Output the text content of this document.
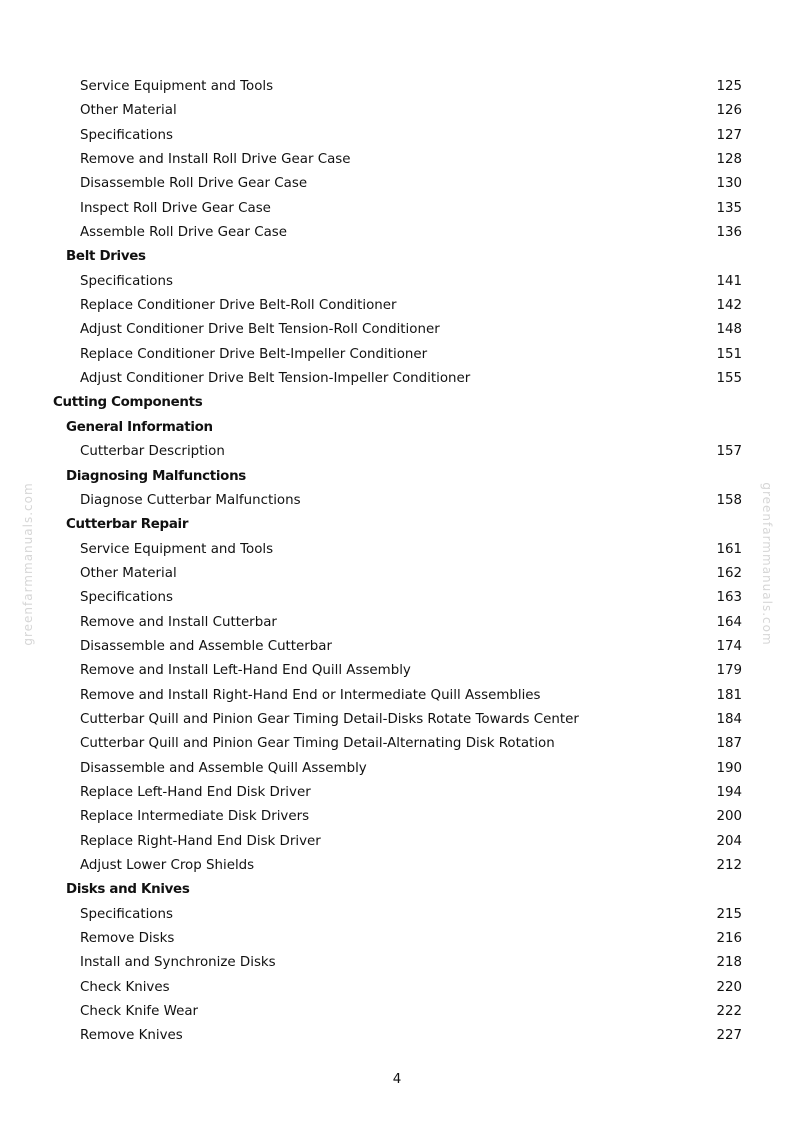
Service Equipment and Tools	125
Other Material	126
Specifications	127
Remove and Install Roll Drive Gear Case	128
Disassemble Roll Drive Gear Case	130
Inspect Roll Drive Gear Case	135
Assemble Roll Drive Gear Case	136
Belt Drives
Specifications	141
Replace Conditioner Drive Belt-Roll Conditioner	142
Adjust Conditioner Drive Belt Tension-Roll Conditioner	148
Replace Conditioner Drive Belt-Impeller Conditioner	151
Adjust Conditioner Drive Belt Tension-Impeller Conditioner	155
Cutting Components
General Information
Cutterbar Description	157
Diagnosing Malfunctions
Diagnose Cutterbar Malfunctions	158
Cutterbar Repair
Service Equipment and Tools	161
Other Material	162
Specifications	163
Remove and Install Cutterbar	164
Disassemble and Assemble Cutterbar	174
Remove and Install Left-Hand End Quill Assembly	179
Remove and Install Right-Hand End or Intermediate Quill Assemblies	181
Cutterbar Quill and Pinion Gear Timing Detail-Disks Rotate Towards Center	184
Cutterbar Quill and Pinion Gear Timing Detail-Alternating Disk Rotation	187
Disassemble and Assemble Quill Assembly	190
Replace Left-Hand End Disk Driver	194
Replace Intermediate Disk Drivers	200
Replace Right-Hand End Disk Driver	204
Adjust Lower Crop Shields	212
Disks and Knives
Specifications	215
Remove Disks	216
Install and Synchronize Disks	218
Check Knives	220
Check Knife Wear	222
Remove Knives	227
greenfarmmanuals.com	greenfarmmanuals.com
4
